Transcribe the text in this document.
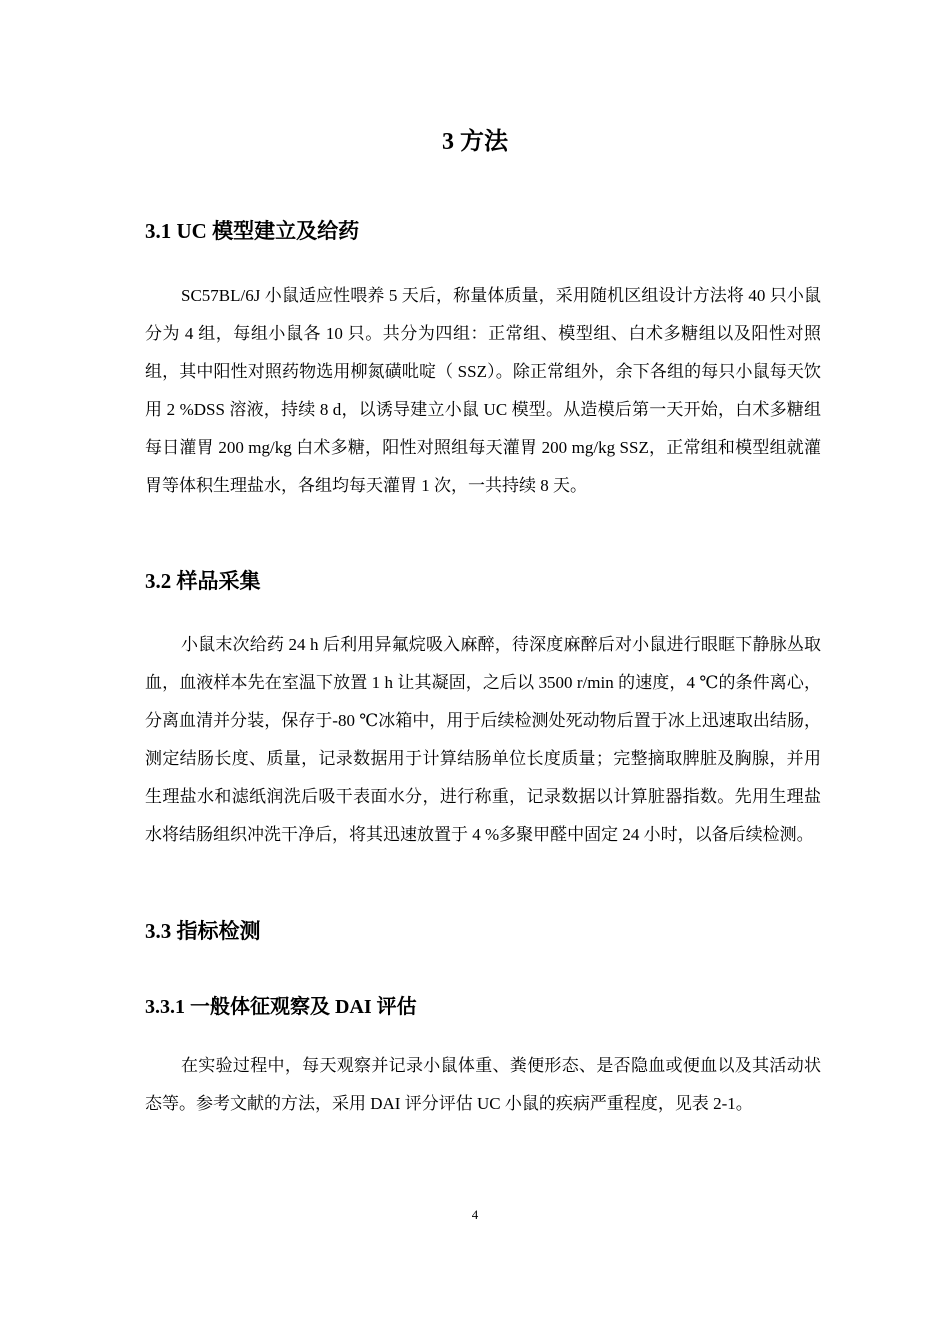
3 方法
3.1 UC 模型建立及给药

SC57BL/6J 小鼠适应性喂养 5 天后，称量体质量，采用随机区组设计方法将 40 只小鼠分为 4 组，每组小鼠各 10 只。共分为四组：正常组、模型组、白术多糖组以及阳性对照组，其中阳性对照药物选用柳氮磺吡啶（ SSZ）。除正常组外，余下各组的每只小鼠每天饮用 2 %DSS 溶液，持续 8 d，以诱导建立小鼠 UC 模型。从造模后第一天开始，白术多糖组每日灌胃 200 mg/kg 白术多糖，阳性对照组每天灌胃 200 mg/kg SSZ，正常组和模型组就灌胃等体积生理盐水，各组均每天灌胃 1 次，一共持续 8 天。

3.2 样品采集

小鼠末次给药 24 h 后利用异氟烷吸入麻醉，待深度麻醉后对小鼠进行眼眶下静脉丛取血，血液样本先在室温下放置 1 h 让其凝固，之后以 3500 r/min 的速度，4 ℃的条件离心，分离血清并分装，保存于-80 ℃冰箱中，用于后续检测处死动物后置于冰上迅速取出结肠，测定结肠长度、质量，记录数据用于计算结肠单位长度质量；完整摘取脾脏及胸腺，并用生理盐水和滤纸润洗后吸干表面水分，进行称重，记录数据以计算脏器指数。先用生理盐水将结肠组织冲洗干净后，将其迅速放置于 4 %多聚甲醛中固定 24 小时，以备后续检测。

3.3 指标检测
3.3.1 一般体征观察及 DAI 评估

在实验过程中，每天观察并记录小鼠体重、粪便形态、是否隐血或便血以及其活动状态等。参考文献的方法，采用 DAI 评分评估 UC 小鼠的疾病严重程度，见表 2-1。

4
